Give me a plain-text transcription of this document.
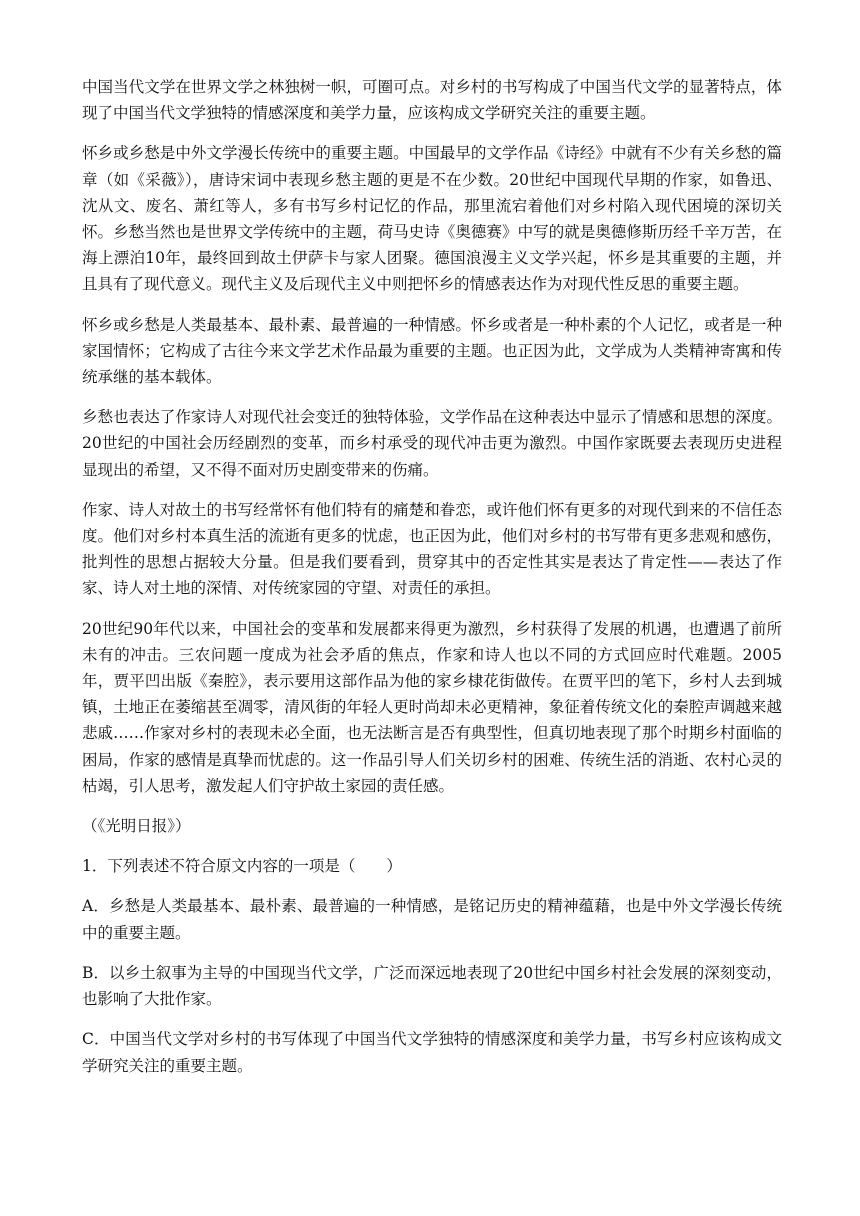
中国当代文学在世界文学之林独树一帜，可圈可点。对乡村的书写构成了中国当代文学的显著特点，体现了中国当代文学独特的情感深度和美学力量，应该构成文学研究关注的重要主题。

怀乡或乡愁是中外文学漫长传统中的重要主题。中国最早的文学作品《诗经》中就有不少有关乡愁的篇章（如《采薇》），唐诗宋词中表现乡愁主题的更是不在少数。20世纪中国现代早期的作家，如鲁迅、沈从文、废名、萧红等人，多有书写乡村记忆的作品，那里流宕着他们对乡村陷入现代困境的深切关怀。乡愁当然也是世界文学传统中的主题，荷马史诗《奥德赛》中写的就是奥德修斯历经千辛万苦，在海上漂泊10年，最终回到故土伊萨卡与家人团聚。德国浪漫主义文学兴起，怀乡是其重要的主题，并且具有了现代意义。现代主义及后现代主义中则把怀乡的情感表达作为对现代性反思的重要主题。

怀乡或乡愁是人类最基本、最朴素、最普遍的一种情感。怀乡或者是一种朴素的个人记忆，或者是一种家国情怀；它构成了古往今来文学艺术作品最为重要的主题。也正因为此，文学成为人类精神寄寓和传统承继的基本载体。

乡愁也表达了作家诗人对现代社会变迁的独特体验，文学作品在这种表达中显示了情感和思想的深度。20世纪的中国社会历经剧烈的变革，而乡村承受的现代冲击更为激烈。中国作家既要去表现历史进程显现出的希望，又不得不面对历史剧变带来的伤痛。

作家、诗人对故土的书写经常怀有他们特有的痛楚和眷恋，或许他们怀有更多的对现代到来的不信任态度。他们对乡村本真生活的流逝有更多的忧虑，也正因为此，他们对乡村的书写带有更多悲观和感伤，批判性的思想占据较大分量。但是我们要看到，贯穿其中的否定性其实是表达了肯定性——表达了作家、诗人对土地的深情、对传统家园的守望、对责任的承担。

20世纪90年代以来，中国社会的变革和发展都来得更为激烈，乡村获得了发展的机遇，也遭遇了前所未有的冲击。三农问题一度成为社会矛盾的焦点，作家和诗人也以不同的方式回应时代难题。2005年，贾平凹出版《秦腔》，表示要用这部作品为他的家乡棣花街做传。在贾平凹的笔下，乡村人去到城镇，土地正在萎缩甚至凋零，清风街的年轻人更时尚却未必更精神，象征着传统文化的秦腔声调越来越悲戚……作家对乡村的表现未必全面，也无法断言是否有典型性，但真切地表现了那个时期乡村面临的困局，作家的感情是真挚而忧虑的。这一作品引导人们关切乡村的困难、传统生活的消逝、农村心灵的枯竭，引人思考，激发起人们守护故土家园的责任感。

（《光明日报》）

1．下列表述不符合原文内容的一项是（　　）

A．乡愁是人类最基本、最朴素、最普遍的一种情感，是铭记历史的精神蕴藉，也是中外文学漫长传统中的重要主题。

B．以乡土叙事为主导的中国现当代文学，广泛而深远地表现了20世纪中国乡村社会发展的深刻变动，也影响了大批作家。

C．中国当代文学对乡村的书写体现了中国当代文学独特的情感深度和美学力量，书写乡村应该构成文学研究关注的重要主题。
